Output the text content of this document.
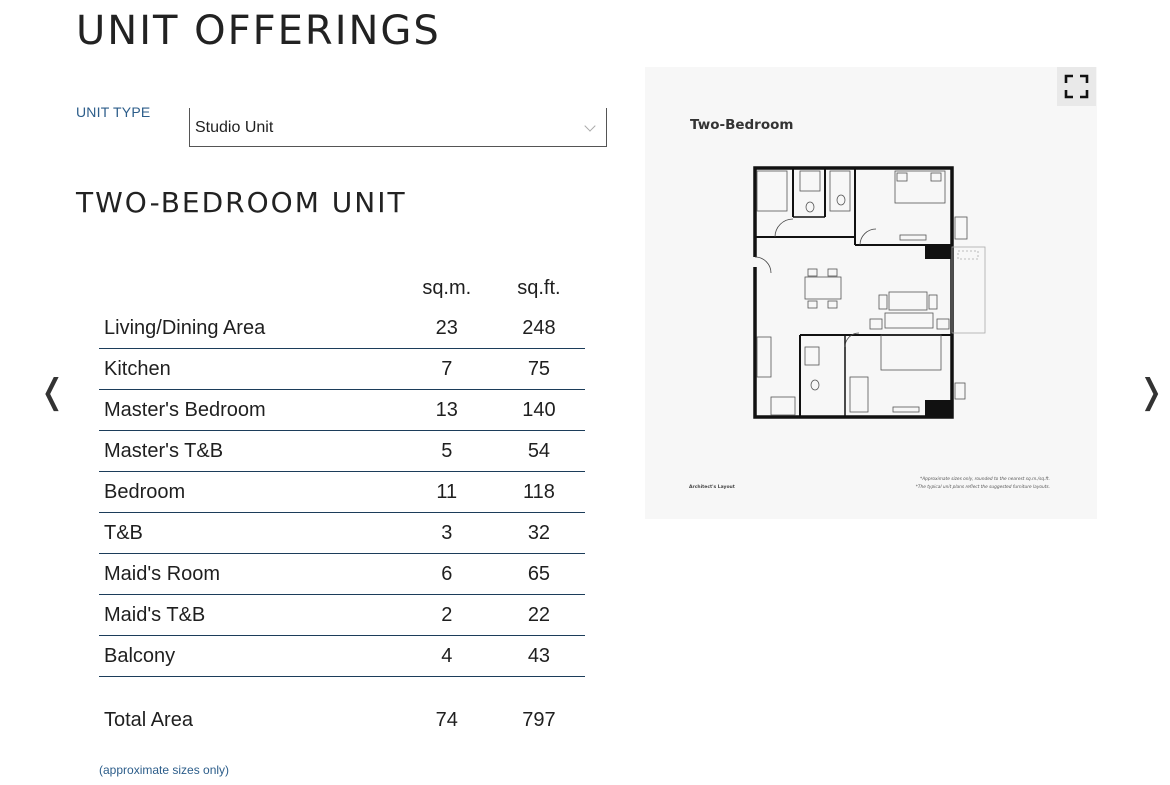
UNIT OFFERINGS
UNIT TYPE
Studio Unit
TWO-BEDROOM UNIT
	sq.m.	sq.ft.
Living/Dining Area	23	248
Kitchen	7	75
Master's Bedroom	13	140
Master's T&B	5	54
Bedroom	11	118
T&B	3	32
Maid's Room	6	65
Maid's T&B	2	22
Balcony	4	43

Total Area	74	797
(approximate sizes only)
Two-Bedroom
Architect's Layout
*Approximate sizes only, rounded to the nearest sq.m./sq.ft.
*The typical unit plans reflect the suggested furniture layouts.
❬	❭
